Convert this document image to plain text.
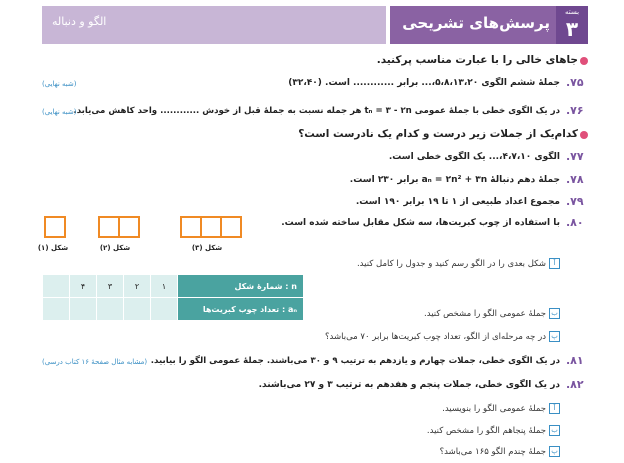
الگو و دنباله	پرسش‌های تشریحی
بسته
۳
جاهای خالی را با عبارت مناسب پرکنید.
.۷۵
جملهٔ ششم الگوی ۵،۸،۱۳،۲۰،... برابر ............ است. (۳۲،۴۰)
(شبه نهایی)
.۷۶
در یک الگوی خطی با جملهٔ عمومی tₙ = ۳ - ۲n هر جمله نسبت به جملهٔ قبل از خودش ............ واحد کاهش می‌یابد.
(شبه نهایی)
کدام‌یک از جملات زیر درست و کدام یک نادرست است؟
.۷۷
الگوی ۴،۷،۱۰،... یک الگوی خطی است.
.۷۸
جملهٔ دهم دنبالهٔ aₙ = ۲n² + ۳n برابر ۲۳۰ است.
.۷۹
مجموع اعداد طبیعی از ۱ تا ۱۹ برابر ۱۹۰ است.
.۸۰
با استفاده از چوب کبریت‌ها، سه شکل مقابل ساخته شده است.
شکل (۱)	شکل (۲)	شکل (۳)
آشکل بعدی را در الگو رسم کنید و جدول را کامل کنید.
	۴	۳	۲	۱	n : شمارهٔ شکل
					aₙ : تعداد چوب کبریت‌ها	بجملهٔ عمومی الگو را مشخص کنید.
پدر چه مرحله‌ای از الگو، تعداد چوب کبریت‌ها برابر ۷۰ می‌باشد؟
(مشابه مثال صفحهٔ ۱۶ کتاب درسی)	.۸۱
در یک الگوی خطی، جملات چهارم و یازدهم به ترتیب ۹ و ۳۰ می‌باشند. جملهٔ عمومی الگو را بیابید.
.۸۲
در یک الگوی خطی، جملات پنجم و هفدهم به ترتیب ۳ و ۲۷ می‌باشند.
آجملهٔ عمومی الگو را بنویسید.
بجملهٔ پنجاهم الگو را مشخص کنید.
پجملهٔ چندم الگو ۱۶۵ می‌باشد؟
